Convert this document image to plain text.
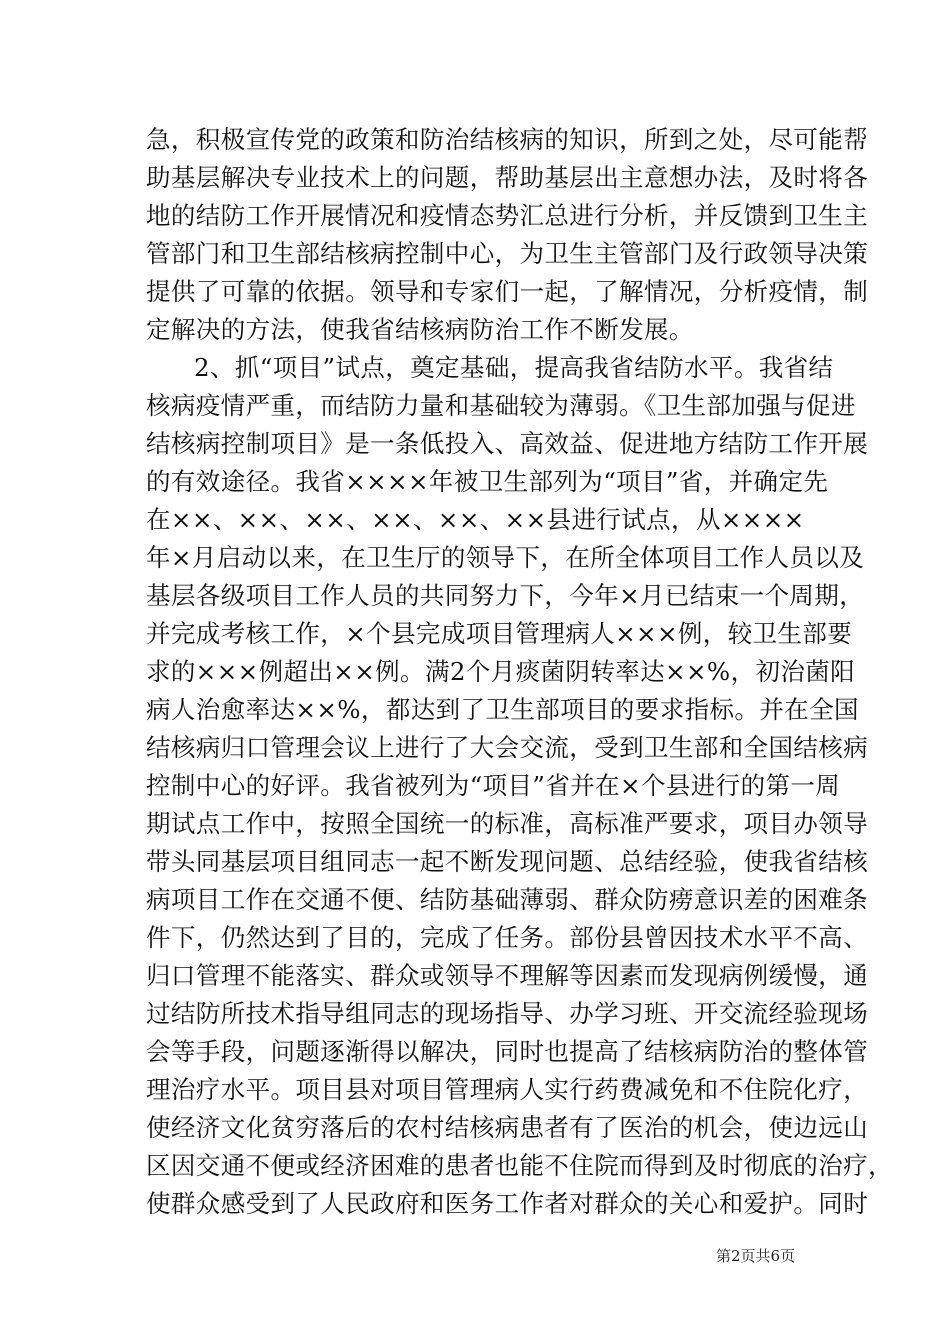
急，积极宣传党的政策和防治结核病的知识，所到之处，尽可能帮
助基层解决专业技术上的问题，帮助基层出主意想办法，及时将各
地的结防工作开展情况和疫情态势汇总进行分析，并反馈到卫生主
管部门和卫生部结核病控制中心，为卫生主管部门及行政领导决策
提供了可靠的依据。领导和专家们一起，了解情况，分析疫情，制
定解决的方法，使我省结核病防治工作不断发展。
2、抓“项目”试点，奠定基础，提高我省结防水平。我省结
核病疫情严重，而结防力量和基础较为薄弱。《卫生部加强与促进
结核病控制项目》是一条低投入、高效益、促进地方结防工作开展
的有效途径。我省××××年被卫生部列为“项目”省，并确定先
在××、××、××、××、××、××县进行试点，从××××
年×月启动以来，在卫生厅的领导下，在所全体项目工作人员以及
基层各级项目工作人员的共同努力下，今年×月已结束一个周期，
并完成考核工作，×个县完成项目管理病人×××例，较卫生部要
求的×××例超出××例。满2个月痰菌阴转率达××%，初治菌阳
病人治愈率达××%，都达到了卫生部项目的要求指标。并在全国
结核病归口管理会议上进行了大会交流，受到卫生部和全国结核病
控制中心的好评。我省被列为“项目”省并在×个县进行的第一周
期试点工作中，按照全国统一的标准，高标准严要求，项目办领导
带头同基层项目组同志一起不断发现问题、总结经验，使我省结核
病项目工作在交通不便、结防基础薄弱、群众防痨意识差的困难条
件下，仍然达到了目的，完成了任务。部份县曾因技术水平不高、
归口管理不能落实、群众或领导不理解等因素而发现病例缓慢，通
过结防所技术指导组同志的现场指导、办学习班、开交流经验现场
会等手段，问题逐渐得以解决，同时也提高了结核病防治的整体管
理治疗水平。项目县对项目管理病人实行药费减免和不住院化疗，
使经济文化贫穷落后的农村结核病患者有了医治的机会，使边远山
区因交通不便或经济困难的患者也能不住院而得到及时彻底的治疗，
使群众感受到了人民政府和医务工作者对群众的关心和爱护。同时
第2页共6页
